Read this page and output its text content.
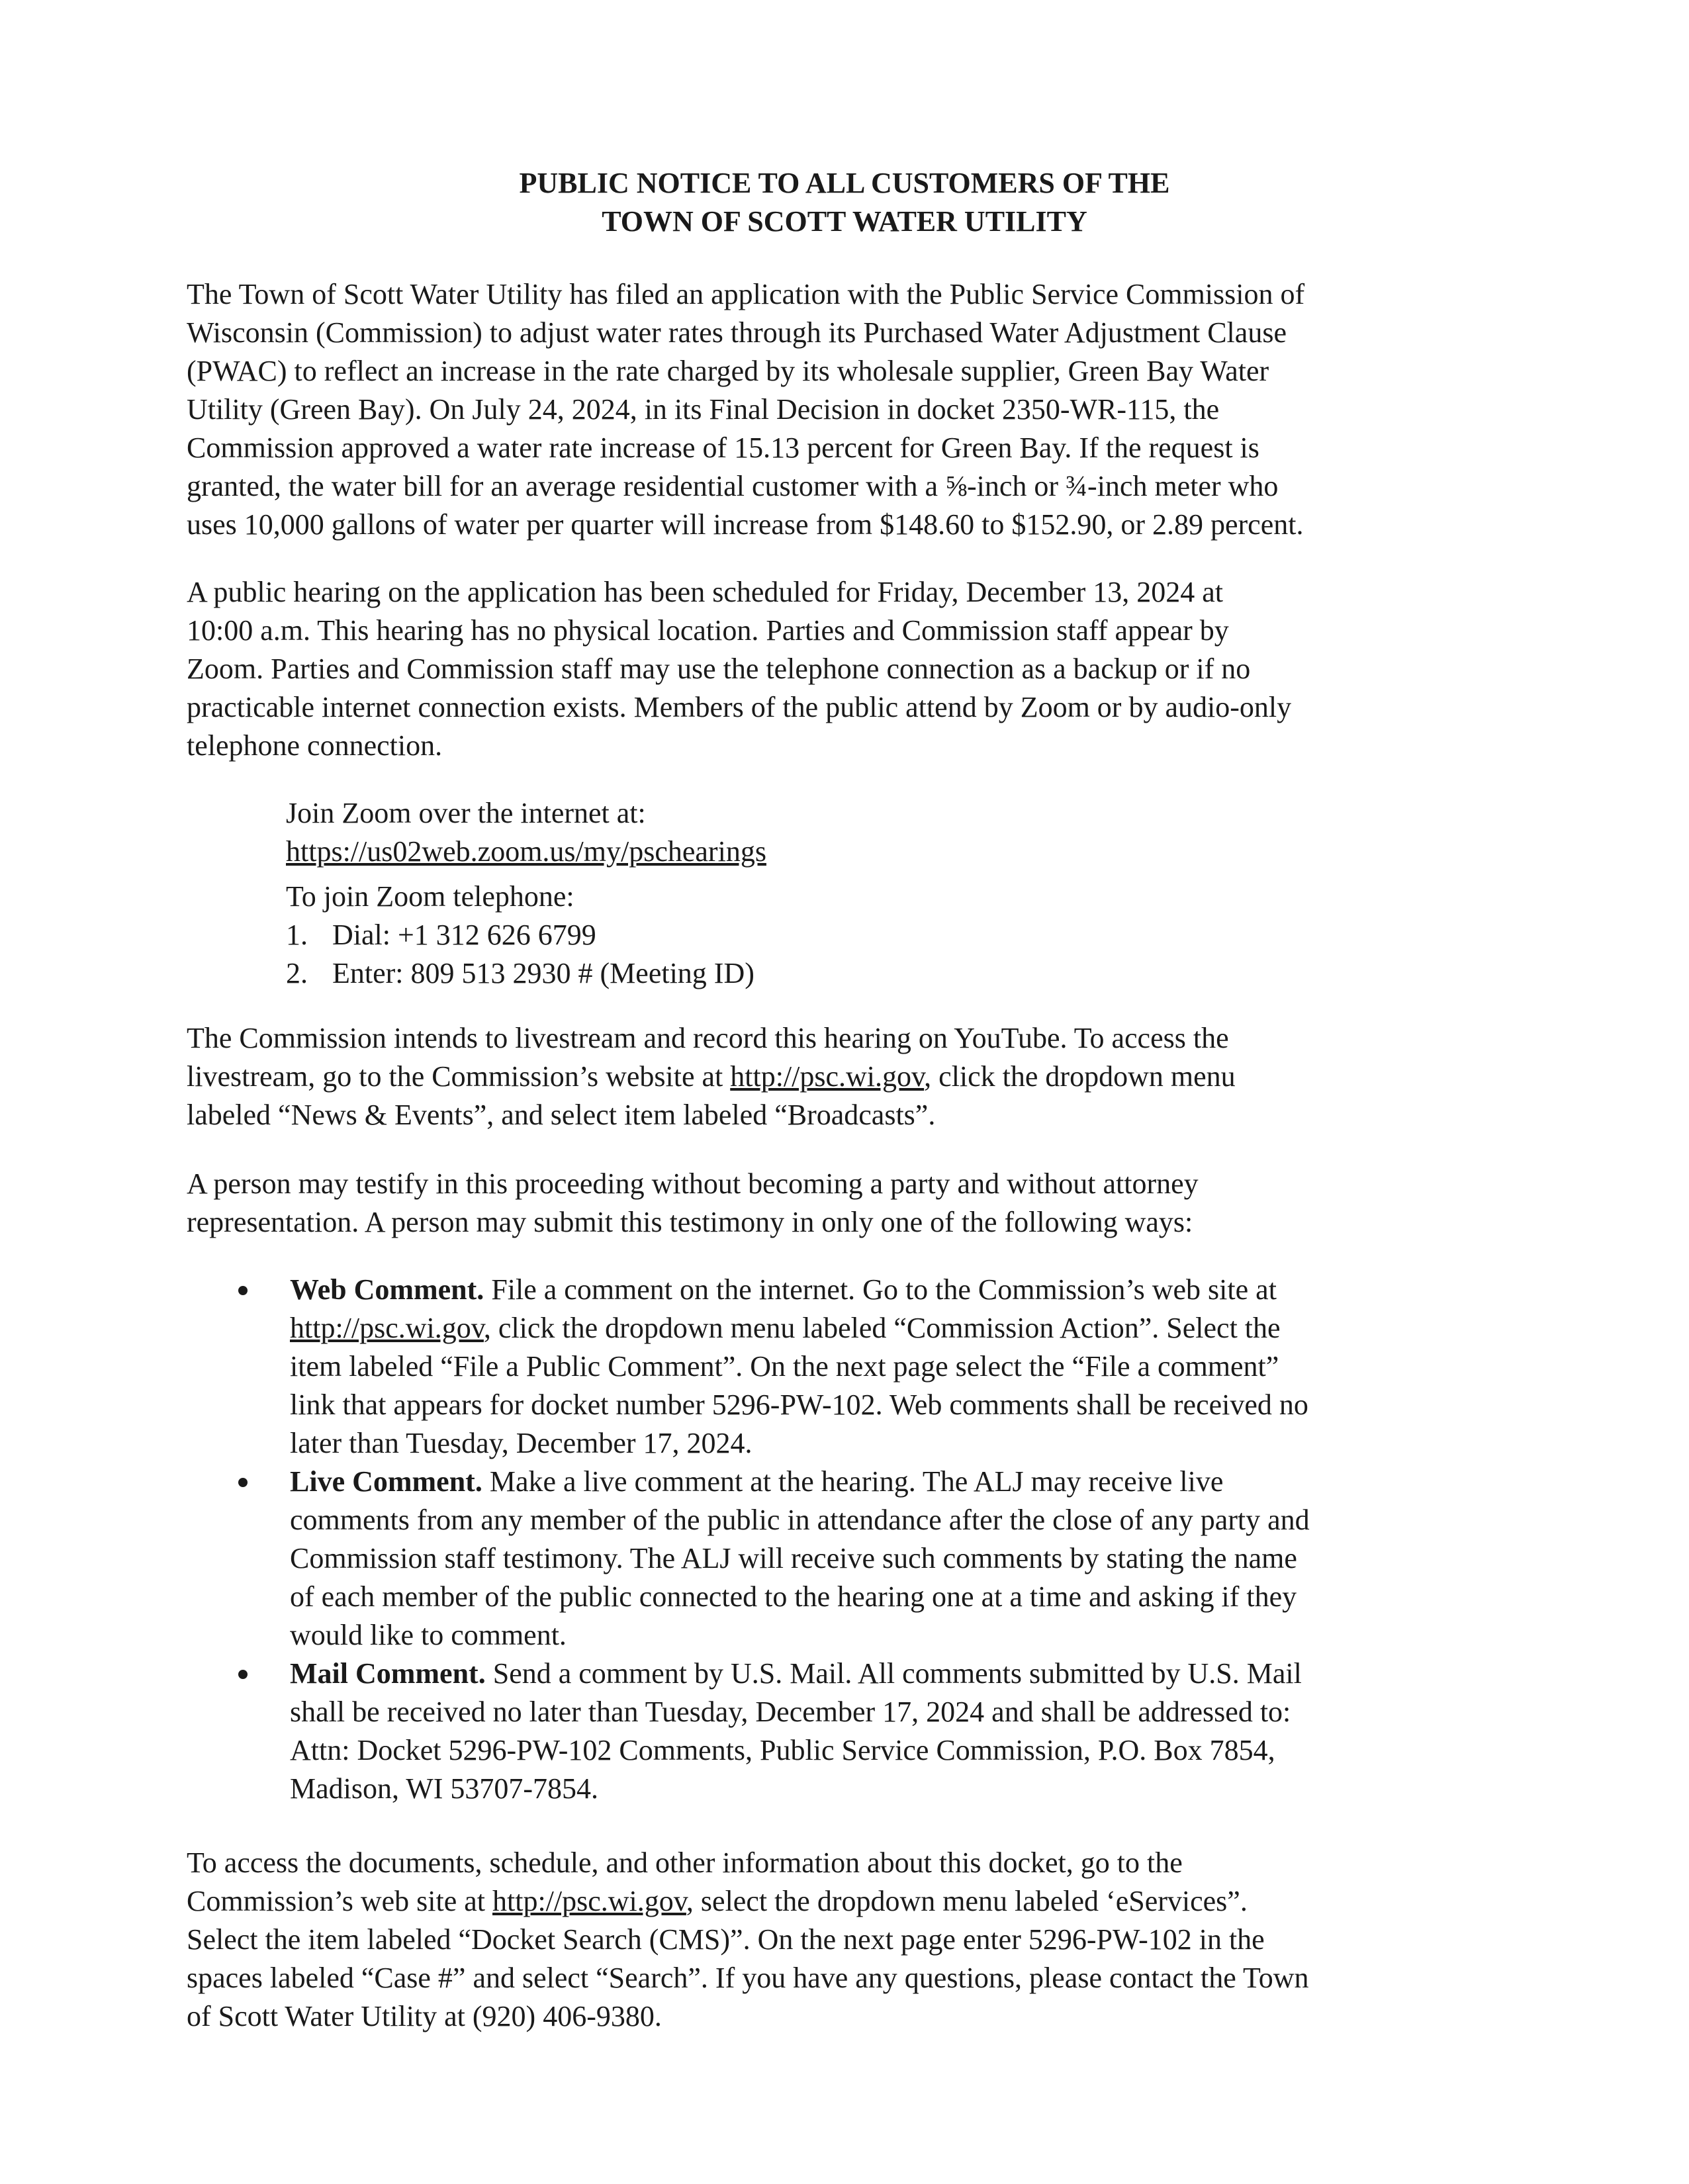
PUBLIC NOTICE TO ALL CUSTOMERS OF THE
TOWN OF SCOTT WATER UTILITY
The Town of Scott Water Utility has filed an application with the Public Service Commission of
Wisconsin (Commission) to adjust water rates through its Purchased Water Adjustment Clause
(PWAC) to reflect an increase in the rate charged by its wholesale supplier, Green Bay Water
Utility (Green Bay). On July 24, 2024, in its Final Decision in docket 2350-WR-115, the
Commission approved a water rate increase of 15.13 percent for Green Bay. If the request is
granted, the water bill for an average residential customer with a ⅝-inch or ¾-inch meter who
uses 10,000 gallons of water per quarter will increase from $148.60 to $152.90, or 2.89 percent.
A public hearing on the application has been scheduled for Friday, December 13, 2024 at
10:00 a.m. This hearing has no physical location. Parties and Commission staff appear by
Zoom. Parties and Commission staff may use the telephone connection as a backup or if no
practicable internet connection exists. Members of the public attend by Zoom or by audio-only
telephone connection.
Join Zoom over the internet at:
https://us02web.zoom.us/my/pschearings
To join Zoom telephone:
1. Dial: +1 312 626 6799
2. Enter: 809 513 2930 # (Meeting ID)
The Commission intends to livestream and record this hearing on YouTube. To access the
livestream, go to the Commission’s website at http://psc.wi.gov, click the dropdown menu
labeled “News & Events”, and select item labeled “Broadcasts”.
A person may testify in this proceeding without becoming a party and without attorney
representation. A person may submit this testimony in only one of the following ways:
Web Comment. File a comment on the internet. Go to the Commission’s web site at
http://psc.wi.gov, click the dropdown menu labeled “Commission Action”. Select the
item labeled “File a Public Comment”. On the next page select the “File a comment”
link that appears for docket number 5296-PW-102. Web comments shall be received no
later than Tuesday, December 17, 2024.
Live Comment. Make a live comment at the hearing. The ALJ may receive live
comments from any member of the public in attendance after the close of any party and
Commission staff testimony. The ALJ will receive such comments by stating the name
of each member of the public connected to the hearing one at a time and asking if they
would like to comment.
Mail Comment. Send a comment by U.S. Mail. All comments submitted by U.S. Mail
shall be received no later than Tuesday, December 17, 2024 and shall be addressed to:
Attn: Docket 5296-PW-102 Comments, Public Service Commission, P.O. Box 7854,
Madison, WI 53707-7854.
To access the documents, schedule, and other information about this docket, go to the
Commission’s web site at http://psc.wi.gov, select the dropdown menu labeled ‘eServices”.
Select the item labeled “Docket Search (CMS)”. On the next page enter 5296-PW-102 in the
spaces labeled “Case #” and select “Search”. If you have any questions, please contact the Town
of Scott Water Utility at (920) 406-9380.
